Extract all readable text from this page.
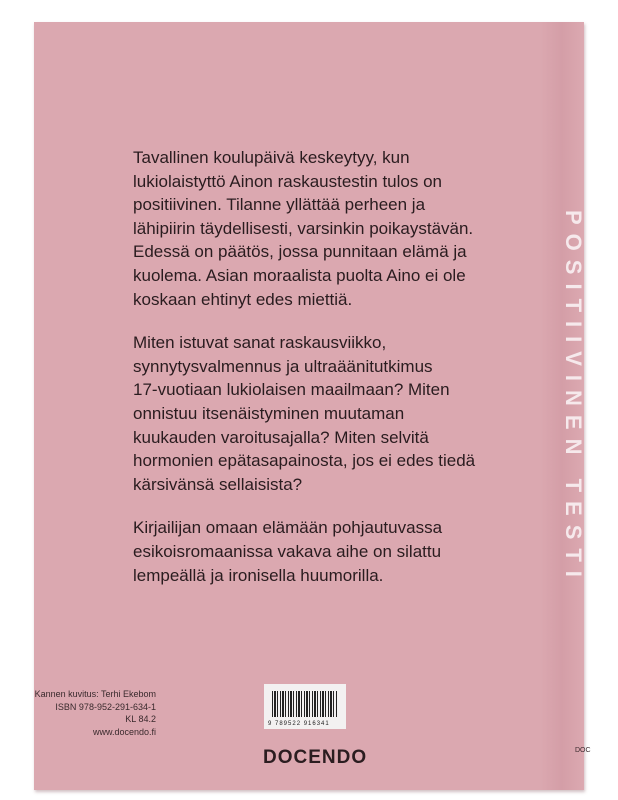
POSITIIVINEN TESTI

Tavallinen koulupäivä keskeytyy, kun
lukiolaistyttö Ainon raskaustestin tulos on
positiivinen. Tilanne yllättää perheen ja
lähipiirin täydellisesti, varsinkin poikaystävän.
Edessä on päätös, jossa punnitaan elämä ja
kuolema. Asian moraalista puolta Aino ei ole
koskaan ehtinyt edes miettiä.

Miten istuvat sanat raskausviikko,
synnytysvalmennus ja ultraäänitutkimus
17-vuotiaan lukiolaisen maailmaan? Miten
onnistuu itsenäistyminen muutaman
kuukauden varoitusajalla? Miten selvitä
hormonien epätasapainosta, jos ei edes tiedä
kärsivänsä sellaisista?

Kirjailijan omaan elämään pohjautuvassa
esikoisromaanissa vakava aihe on silattu
lempeällä ja ironisella huumorilla.

Kannen kuvitus: Terhi Ekebom
ISBN 978-952-291-634-1
KL 84.2
www.docendo.fi
9 789522 916341
DOCENDO	DOC
